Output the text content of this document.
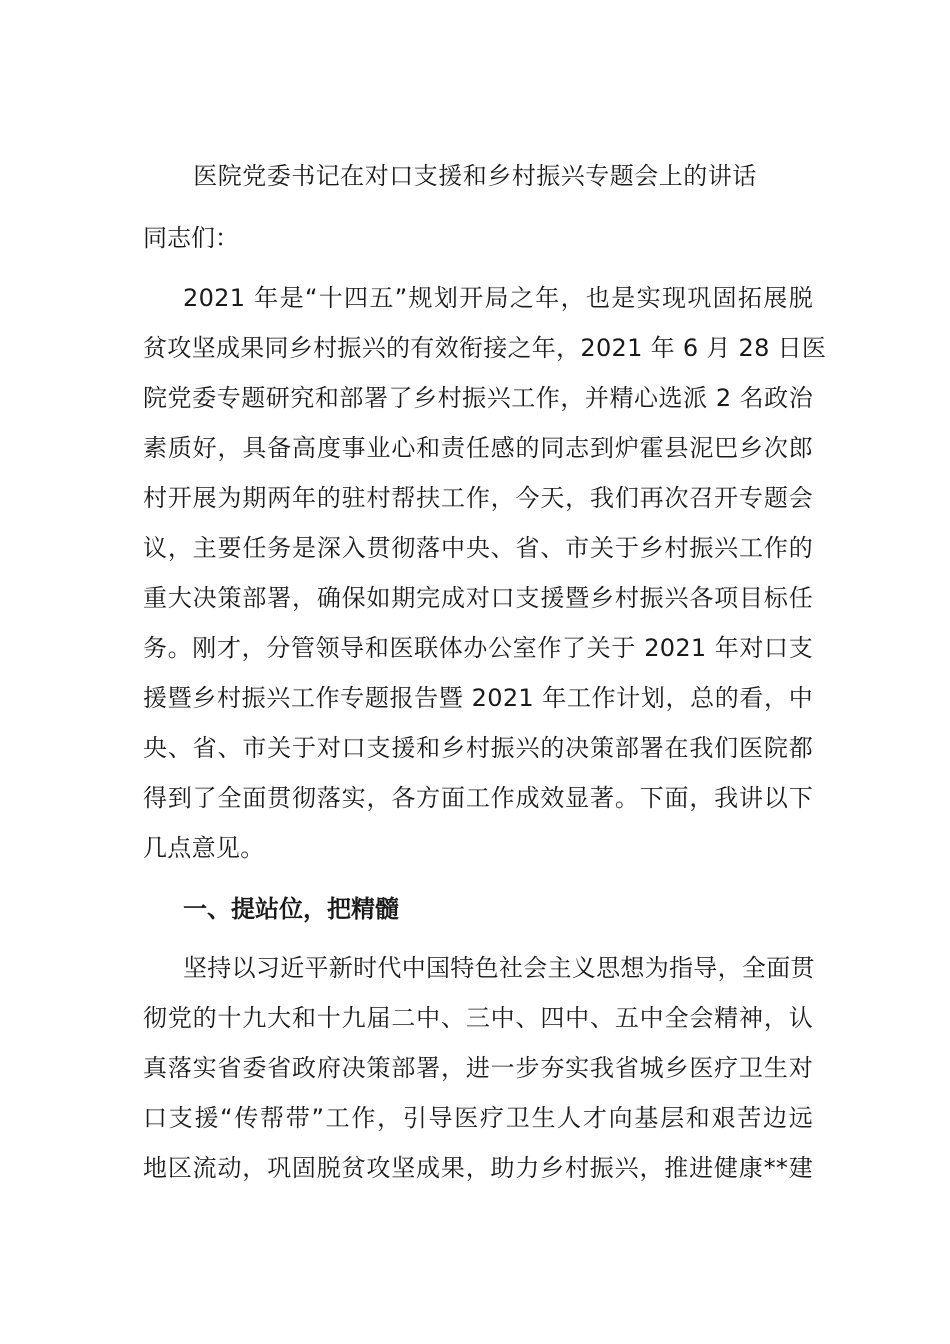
医院党委书记在对口支援和乡村振兴专题会上的讲话
同志们：
2021 年是“十四五”规划开局之年，也是实现巩固拓展脱
贫攻坚成果同乡村振兴的有效衔接之年，2021 年 6 月 28 日医
院党委专题研究和部署了乡村振兴工作，并精心选派 2 名政治
素质好，具备高度事业心和责任感的同志到炉霍县泥巴乡次郎
村开展为期两年的驻村帮扶工作，今天，我们再次召开专题会
议，主要任务是深入贯彻落中央、省、市关于乡村振兴工作的
重大决策部署，确保如期完成对口支援暨乡村振兴各项目标任
务。刚才，分管领导和医联体办公室作了关于 2021 年对口支
援暨乡村振兴工作专题报告暨 2021 年工作计划，总的看，中
央、省、市关于对口支援和乡村振兴的决策部署在我们医院都
得到了全面贯彻落实，各方面工作成效显著。下面，我讲以下
几点意见。
一、提站位，把精髓
坚持以习近平新时代中国特色社会主义思想为指导，全面贯
彻党的十九大和十九届二中、三中、四中、五中全会精神，认
真落实省委省政府决策部署，进一步夯实我省城乡医疗卫生对
口支援“传帮带”工作，引导医疗卫生人才向基层和艰苦边远
地区流动，巩固脱贫攻坚成果，助力乡村振兴，推进健康**建
